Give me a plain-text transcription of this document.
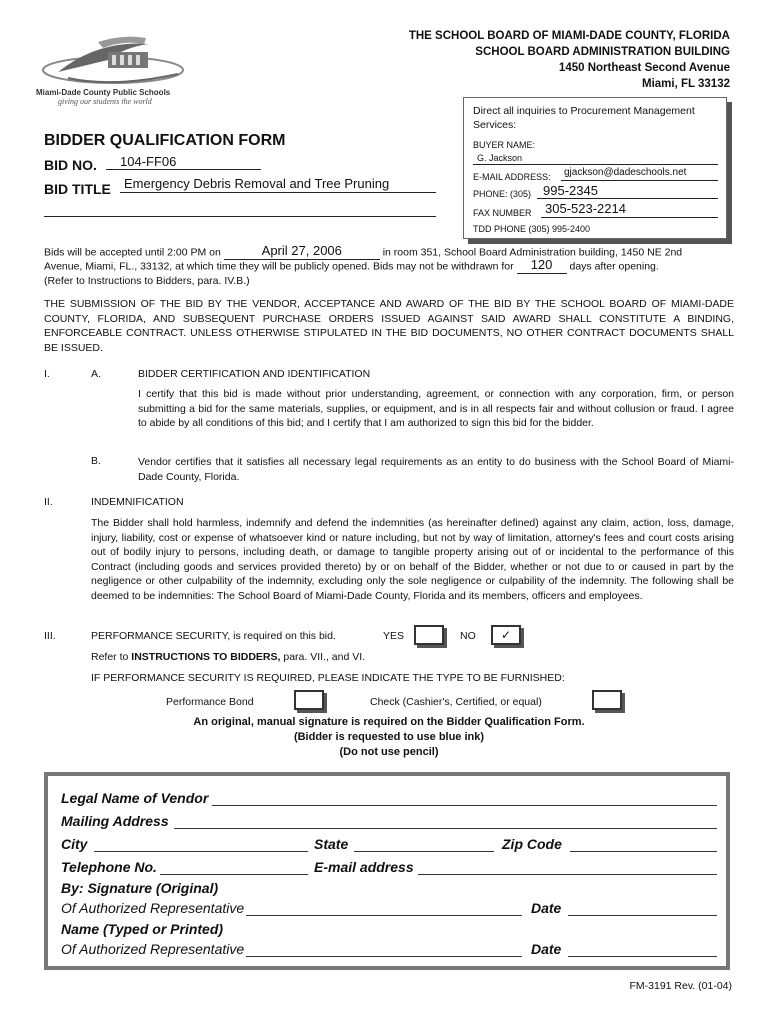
Miami-Dade County Public Schools
giving our students the world
THE SCHOOL BOARD OF MIAMI-DADE COUNTY, FLORIDA
SCHOOL BOARD ADMINISTRATION BUILDING
1450 Northeast Second Avenue
Miami, FL 33132
BIDDER QUALIFICATION FORM
BID NO.	104-FF06
BID TITLE	Emergency Debris Removal and Tree Pruning
Direct all inquiries to Procurement Management Services:
BUYER NAME:
G. Jackson
E-MAIL ADDRESS:	gjackson@dadeschools.net
PHONE: (305) 995-2345
FAX NUMBER	305-523-2214
TDD PHONE (305) 995-2400
Bids will be accepted until 2:00 PM on	April 27, 2006	in room 351, School Board Administration building, 1450 NE 2nd
Avenue, Miami, FL., 33132, at which time they will be publicly opened. Bids may not be withdrawn for 120 days after opening.
(Refer to Instructions to Bidders, para. IV.B.)
THE SUBMISSION OF THE BID BY THE VENDOR, ACCEPTANCE AND AWARD OF THE BID BY THE SCHOOL BOARD OF MIAMI-DADE COUNTY, FLORIDA, AND SUBSEQUENT PURCHASE ORDERS ISSUED AGAINST SAID AWARD SHALL CONSTITUTE A BINDING, ENFORCEABLE CONTRACT. UNLESS OTHERWISE STIPULATED IN THE BID DOCUMENTS, NO OTHER CONTRACT DOCUMENTS SHALL BE ISSUED.
I.	A.	BIDDER CERTIFICATION AND IDENTIFICATION
I certify that this bid is made without prior understanding, agreement, or connection with any corporation, firm, or person submitting a bid for the same materials, supplies, or equipment, and is in all respects fair and without collusion or fraud. I agree to abide by all conditions of this bid; and I certify that I am authorized to sign this bid for the bidder.
B.	Vendor certifies that it satisfies all necessary legal requirements as an entity to do business with the School Board of Miami-Dade County, Florida.
II.	INDEMNIFICATION
The Bidder shall hold harmless, indemnify and defend the indemnities (as hereinafter defined) against any claim, action, loss, damage, injury, liability, cost or expense of whatsoever kind or nature including, but not by way of limitation, attorney's fees and court costs arising out of bodily injury to persons, including death, or damage to tangible property arising out of or incidental to the performance of this Contract (including goods and services provided thereto) by or on behalf of the Bidder, whether or not due to or caused in part by the negligence or other culpability of the indemnity, excluding only the sole negligence or culpability of the indemnity. The following shall be deemed to be indemnities: The School Board of Miami-Dade County, Florida and its members, officers and employees.
III.	PERFORMANCE SECURITY, is required on this bid.	YES	NO	✓
Refer to INSTRUCTIONS TO BIDDERS, para. VII., and VI.
IF PERFORMANCE SECURITY IS REQUIRED, PLEASE INDICATE THE TYPE TO BE FURNISHED:
Performance Bond	Check (Cashier's, Certified, or equal)
An original, manual signature is required on the Bidder Qualification Form.
(Bidder is requested to use blue ink)
(Do not use pencil)
Legal Name of Vendor
Mailing Address
City	State	Zip Code
Telephone No.	E-mail address
By: Signature (Original)
Of Authorized Representative	Date
Name (Typed or Printed)
Of Authorized Representative	Date
FM-3191 Rev. (01-04)
